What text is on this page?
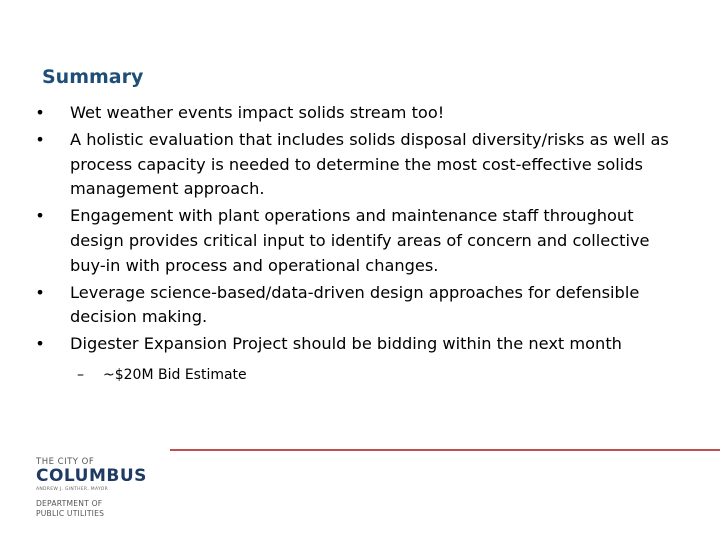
Summary
•	Wet weather events impact solids stream too!
•	A holistic evaluation that includes solids disposal diversity/risks as well as process capacity is needed to determine the most cost-effective solids management approach.
•	Engagement with plant operations and maintenance staff throughout design provides critical input to identify areas of concern and collective buy-in with process and operational changes.
•	Leverage science-based/data-driven design approaches for defensible decision making.
•	Digester Expansion Project should be bidding within the next month
– ~$20M Bid Estimate
THE CITY OF
COLUMBUS
ANDREW J. GINTHER, MAYOR
DEPARTMENT OF
PUBLIC UTILITIES
